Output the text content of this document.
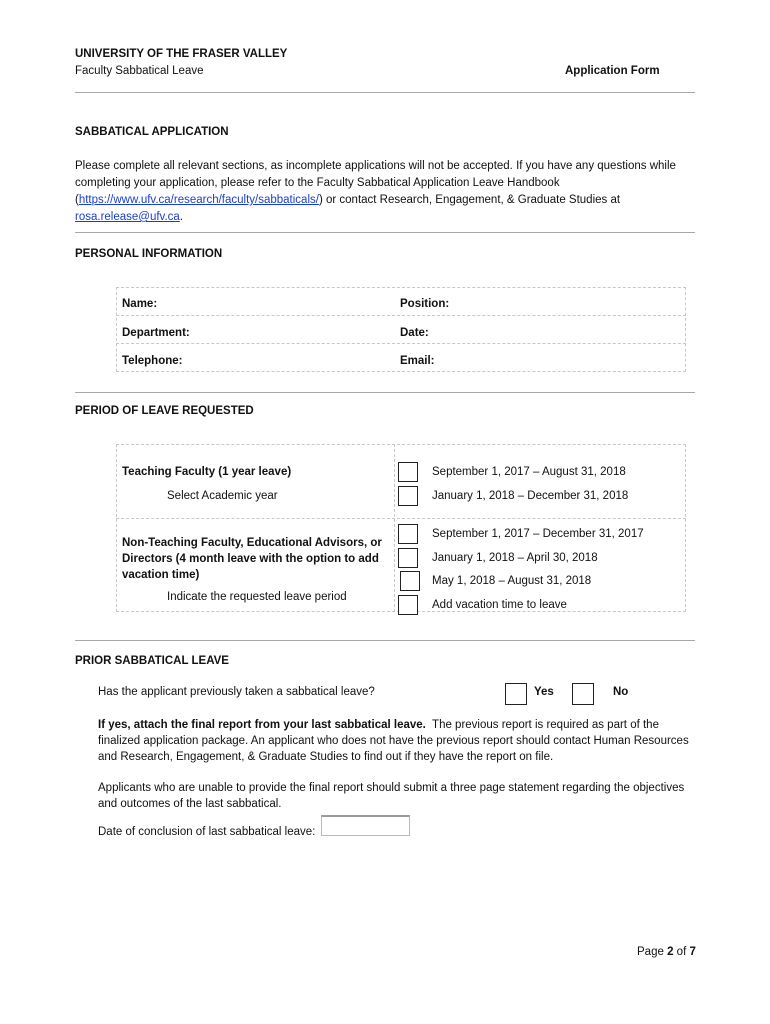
UNIVERSITY OF THE FRASER VALLEY
Faculty Sabbatical Leave	Application Form
SABBATICAL APPLICATION
Please complete all relevant sections, as incomplete applications will not be accepted. If you have any questions while
completing your application, please refer to the Faculty Sabbatical Application Leave Handbook
(https://www.ufv.ca/research/faculty/sabbaticals/) or contact Research, Engagement, & Graduate Studies at
rosa.release@ufv.ca.
PERSONAL INFORMATION
Name:	Position:
Department:	Date:
Telephone:	Email:
PERIOD OF LEAVE REQUESTED
Teaching Faculty (1 year leave)
Select Academic year
September 1, 2017 – August 31, 2018
January 1, 2018 – December 31, 2018
Non-Teaching Faculty, Educational Advisors, or
Directors (4 month leave with the option to add
vacation time)
Indicate the requested leave period
September 1, 2017 – December 31, 2017
January 1, 2018 – April 30, 2018
May 1, 2018 – August 31, 2018
Add vacation time to leave
PRIOR SABBATICAL LEAVE
Has the applicant previously taken a sabbatical leave?	Yes	No
If yes, attach the final report from your last sabbatical leave.  The previous report is required as part of the
finalized application package. An applicant who does not have the previous report should contact Human Resources
and Research, Engagement, & Graduate Studies to find out if they have the report on file.
Applicants who are unable to provide the final report should submit a three page statement regarding the objectives
and outcomes of the last sabbatical.
Date of conclusion of last sabbatical leave:
Page 2 of 7
